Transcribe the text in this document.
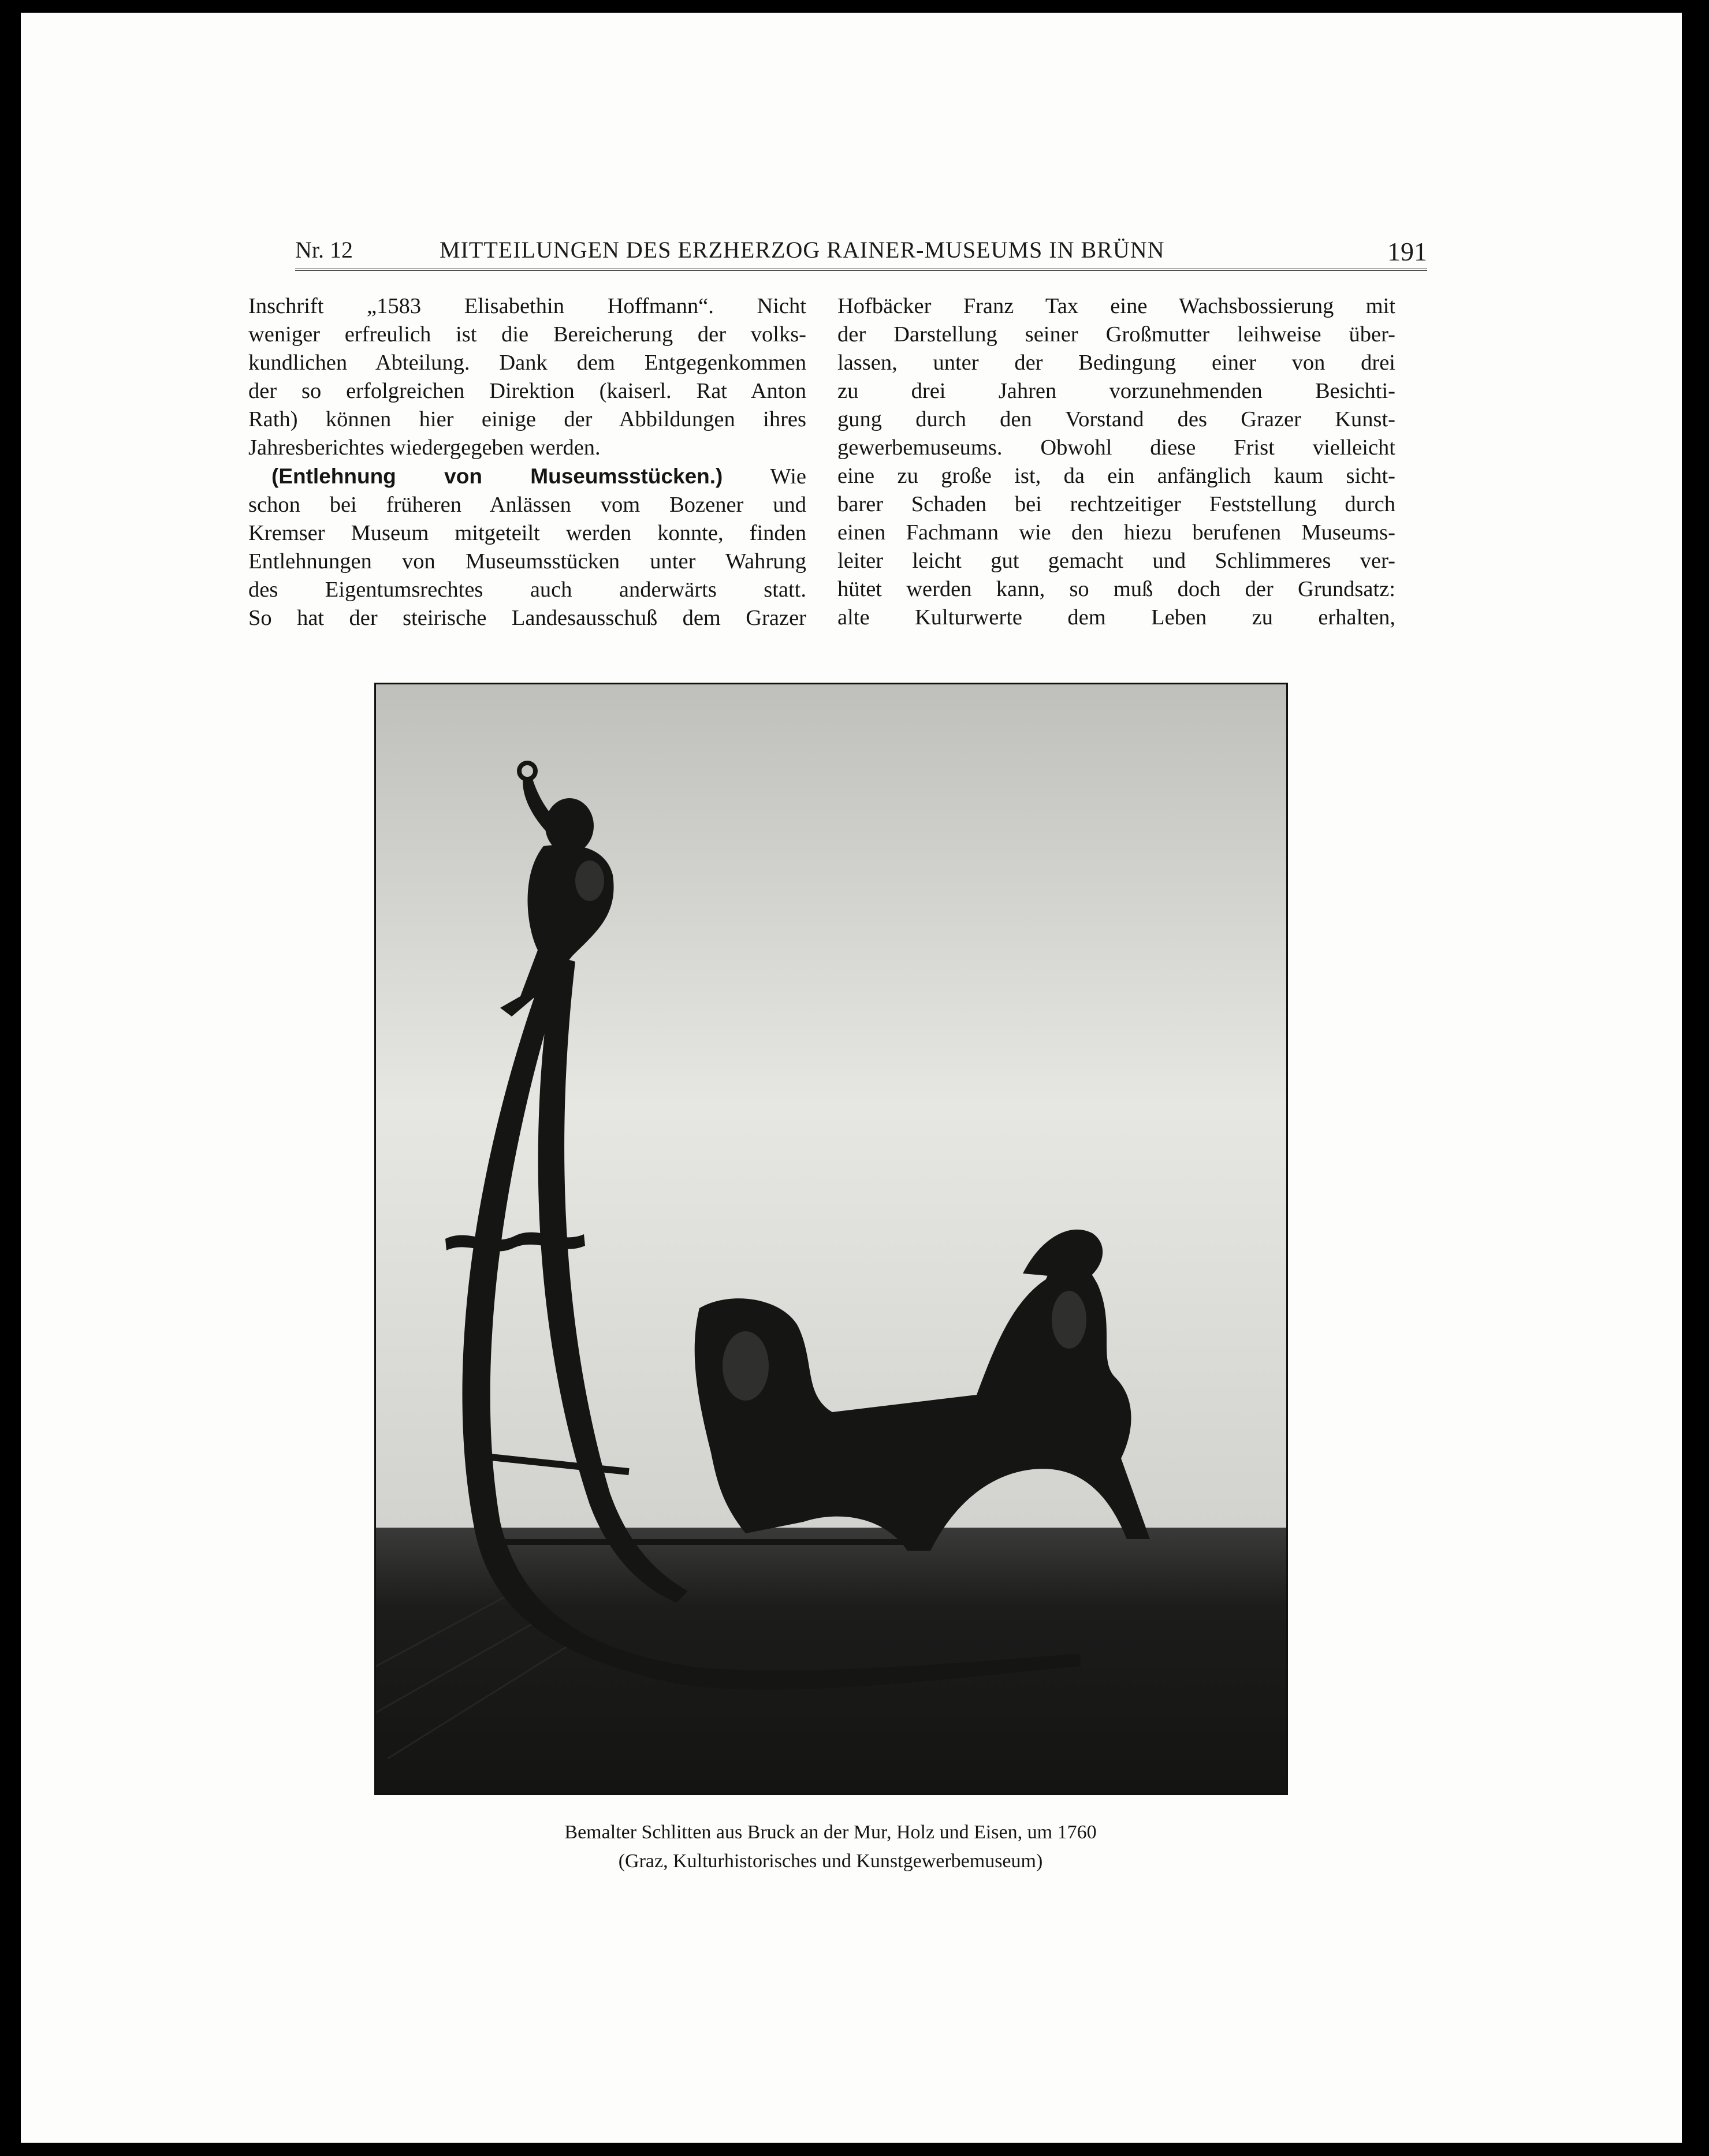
Nr. 12	MITTEILUNGEN DES ERZHERZOG RAINER-MUSEUMS IN BRÜNN	191
Inschrift „1583 Elisabethin Hoffmann“. Nicht
weniger erfreulich ist die Bereicherung der volks-
kundlichen Abteilung. Dank dem Entgegenkommen
der so erfolgreichen Direktion (kaiserl. Rat Anton
Rath) können hier einige der Abbildungen ihres
Jahresberichtes wiedergegeben werden.
(Entlehnung von Museumsstücken.) Wie
schon bei früheren Anlässen vom Bozener und
Kremser Museum mitgeteilt werden konnte, finden
Entlehnungen von Museumsstücken unter Wahrung
des Eigentumsrechtes auch anderwärts statt.
So hat der steirische Landesausschuß dem Grazer
Hofbäcker Franz Tax eine Wachsbossierung mit
der Darstellung seiner Großmutter leihweise über-
lassen, unter der Bedingung einer von drei
zu drei Jahren vorzunehmenden Besichti-
gung durch den Vorstand des Grazer Kunst-
gewerbemuseums. Obwohl diese Frist vielleicht
eine zu große ist, da ein anfänglich kaum sicht-
barer Schaden bei rechtzeitiger Feststellung durch
einen Fachmann wie den hiezu berufenen Museums-
leiter leicht gut gemacht und Schlimmeres ver-
hütet werden kann, so muß doch der Grundsatz:
alte Kulturwerte dem Leben zu erhalten,
Bemalter Schlitten aus Bruck an der Mur, Holz und Eisen, um 1760
(Graz, Kulturhistorisches und Kunstgewerbemuseum)
